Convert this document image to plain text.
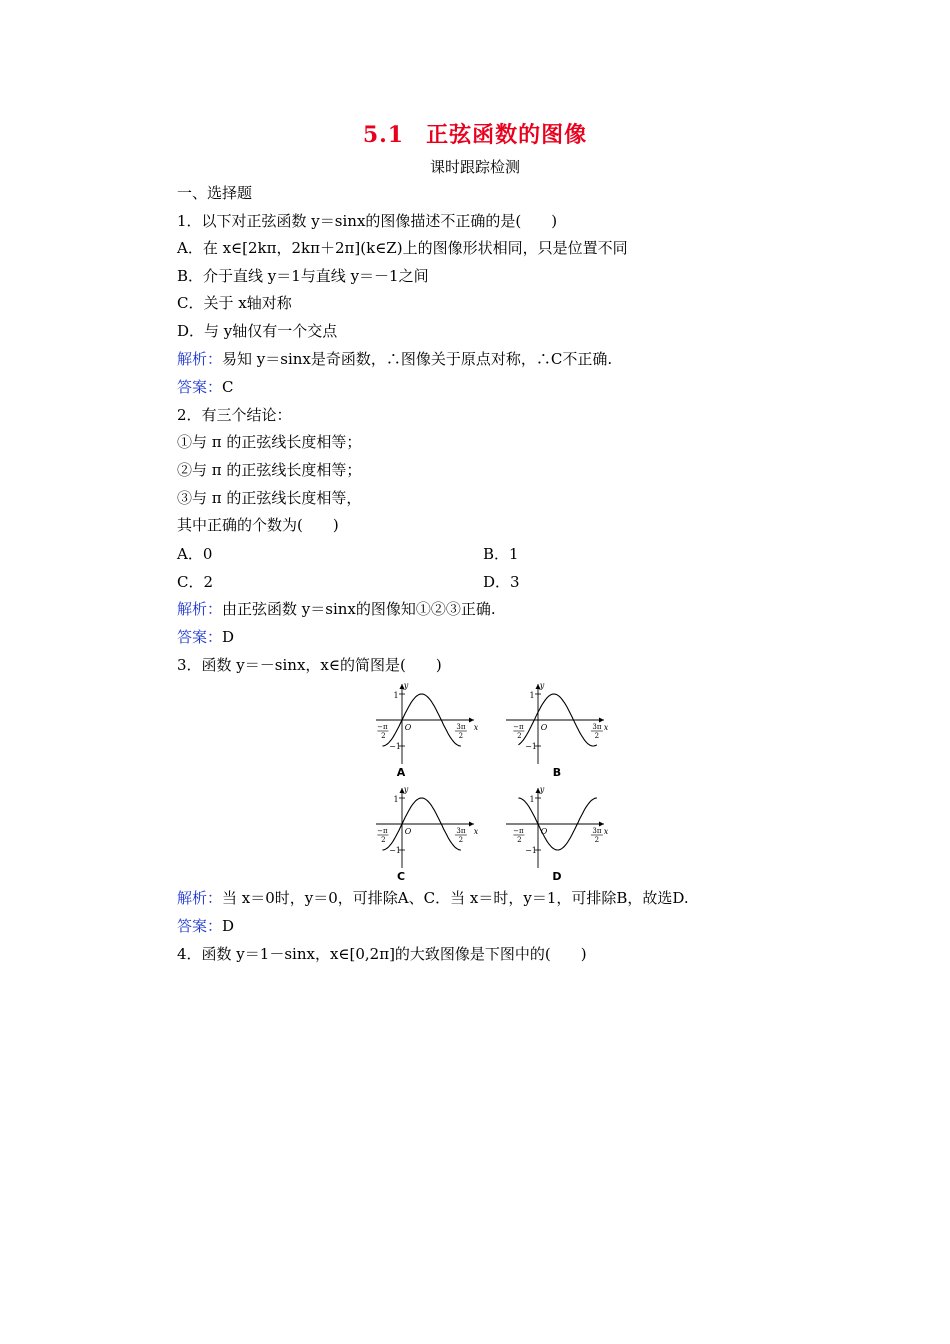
5.1 正弦函数的图像
课时跟踪检测
一、选择题
1．以下对正弦函数 y＝sinx的图像描述不正确的是(　　)
A．在 x∈[2kπ，2kπ＋2π](k∈Z)上的图像形状相同，只是位置不同
B．介于直线 y＝1与直线 y＝－1之间
C．关于 x轴对称
D．与 y轴仅有一个交点
解析：易知 y＝sinx是奇函数，∴图像关于原点对称，∴C不正确.
答案：C
2．有三个结论：
①与 π 的正弦线长度相等；
②与 π 的正弦线长度相等；
③与 π 的正弦线长度相等，
其中正确的个数为(　　)
A．0	B．1
C．2	D．3
解析：由正弦函数 y＝sinx的图像知①②③正确.
答案：D
3．函数 y＝－sinx，x∈的简图是(　　)
1
−1
O
y
x
−π
2
3π
2
A
1
−1
O
y
x
−π
2
3π
2
B
1
−1
O
y
x
−π
2
3π
2
C
1
−1
O
y
x
−π
2
3π
2
D
解析：当 x＝0时，y＝0，可排除A、C．当 x＝时，y＝1，可排除B，故选D.
答案：D
4．函数 y＝1－sinx，x∈[0,2π]的大致图像是下图中的(　　)
